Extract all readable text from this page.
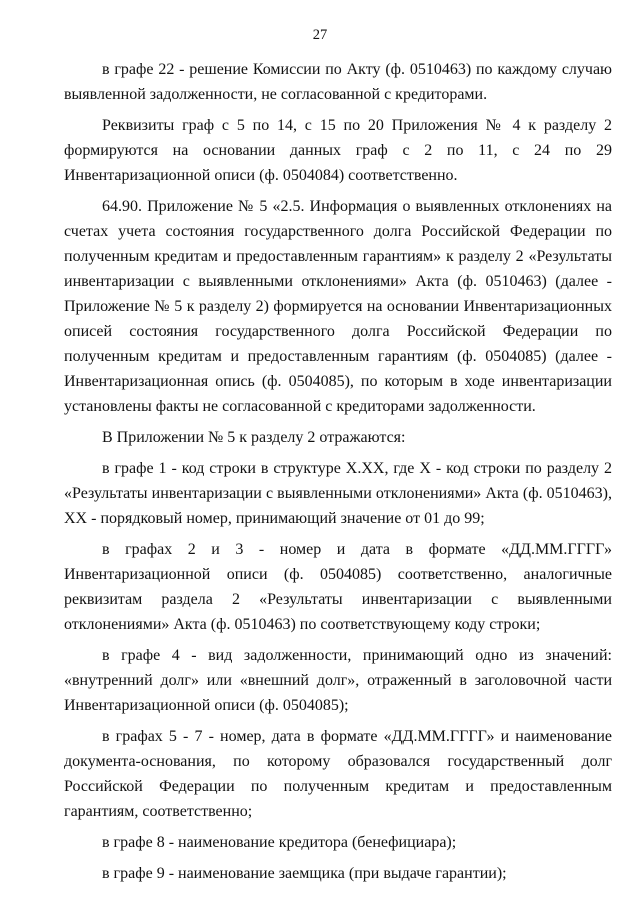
27

в графе 22 - решение Комиссии по Акту (ф. 0510463) по каждому случаю выявленной задолженности, не согласованной с кредиторами.

Реквизиты граф с 5 по 14, с 15 по 20 Приложения № 4 к разделу 2 формируются на основании данных граф с 2 по 11, с 24 по 29 Инвентаризационной описи (ф. 0504084) соответственно.

64.90. Приложение № 5 «2.5. Информация о выявленных отклонениях на счетах учета состояния государственного долга Российской Федерации по полученным кредитам и предоставленным гарантиям» к разделу 2 «Результаты инвентаризации с выявленными отклонениями» Акта (ф. 0510463) (далее - Приложение № 5 к разделу 2) формируется на основании Инвентаризационных описей состояния государственного долга Российской Федерации по полученным кредитам и предоставленным гарантиям (ф. 0504085) (далее - Инвентаризационная опись (ф. 0504085), по которым в ходе инвентаризации установлены факты не согласованной с кредиторами задолженности.

В Приложении № 5 к разделу 2 отражаются:

в графе 1 - код строки в структуре X.XX, где X - код строки по разделу 2 «Результаты инвентаризации с выявленными отклонениями» Акта (ф. 0510463), XX - порядковый номер, принимающий значение от 01 до 99;

в графах 2 и 3 - номер и дата в формате «ДД.ММ.ГГГГ» Инвентаризационной описи (ф. 0504085) соответственно, аналогичные реквизитам раздела 2 «Результаты инвентаризации с выявленными отклонениями» Акта (ф. 0510463) по соответствующему коду строки;

в графе 4 - вид задолженности, принимающий одно из значений: «внутренний долг» или «внешний долг», отраженный в заголовочной части Инвентаризационной описи (ф. 0504085);

в графах 5 - 7 - номер, дата в формате «ДД.ММ.ГГГГ» и наименование документа-основания, по которому образовался государственный долг Российской Федерации по полученным кредитам и предоставленным гарантиям, соответственно;

в графе 8 - наименование кредитора (бенефициара);

в графе 9 - наименование заемщика (при выдаче гарантии);
